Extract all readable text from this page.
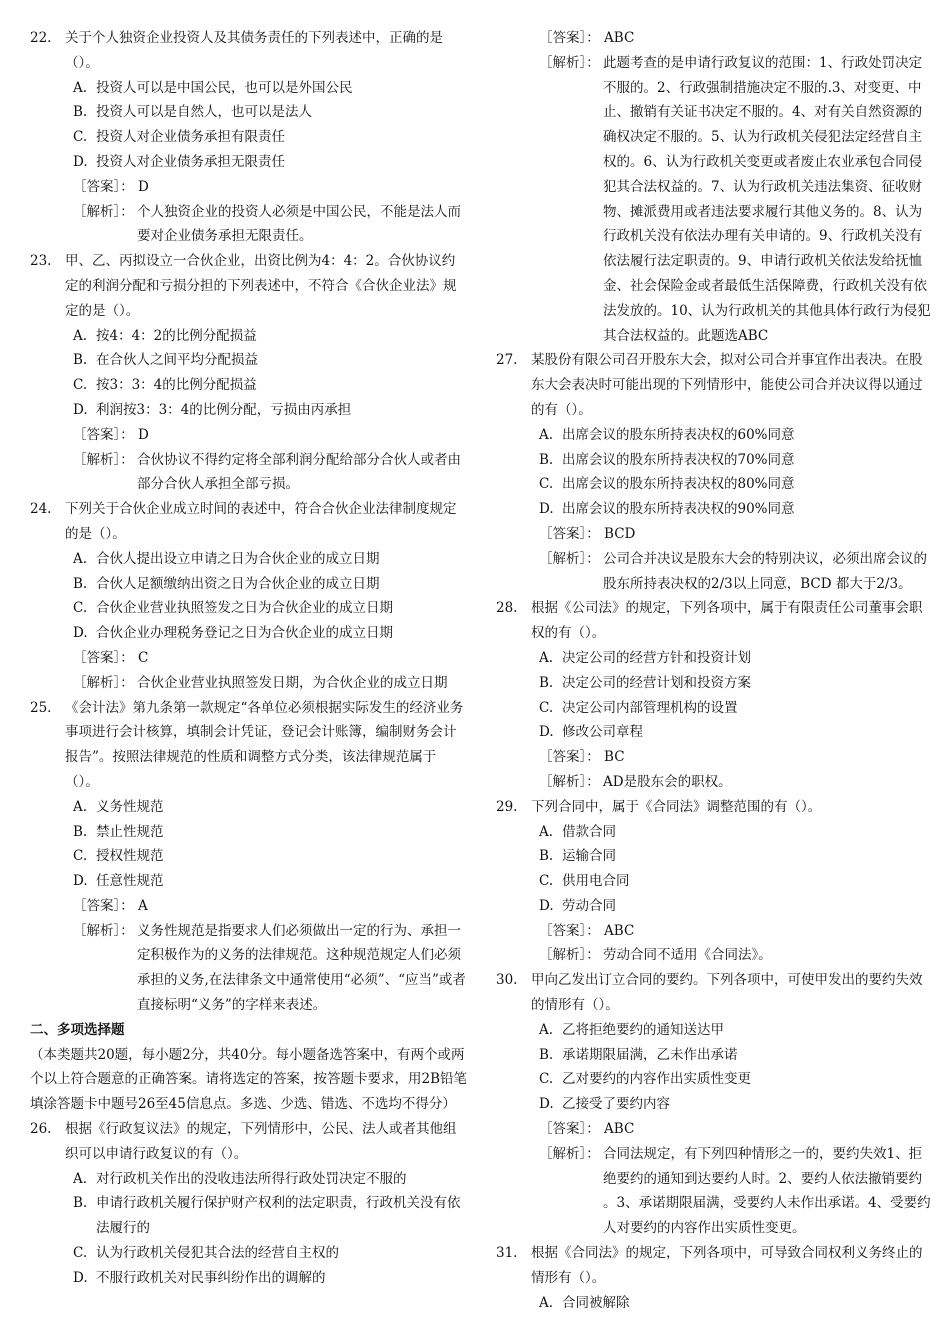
22.	关于个人独资企业投资人及其债务责任的下列表述中，正确的是（）。
A. 投资人可以是中国公民，也可以是外国公民
B. 投资人可以是自然人，也可以是法人
C. 投资人对企业债务承担有限责任
D. 投资人对企业债务承担无限责任
［答案］： D
［解析］： 个人独资企业的投资人必须是中国公民，不能是法人而要对企业债务承担无限责任。
23.	甲、乙、丙拟设立一合伙企业，出资比例为4：4：2。合伙协议约定的利润分配和亏损分担的下列表述中，不符合《合伙企业法》规定的是（）。
A. 按4：4：2的比例分配损益
B. 在合伙人之间平均分配损益
C. 按3：3：4的比例分配损益
D. 利润按3：3：4的比例分配，亏损由丙承担
［答案］： D
［解析］： 合伙协议不得约定将全部利润分配给部分合伙人或者由部分合伙人承担全部亏损。
24.	下列关于合伙企业成立时间的表述中，符合合伙企业法律制度规定的是（）。
A. 合伙人提出设立申请之日为合伙企业的成立日期
B. 合伙人足额缴纳出资之日为合伙企业的成立日期
C. 合伙企业营业执照签发之日为合伙企业的成立日期
D. 合伙企业办理税务登记之日为合伙企业的成立日期
［答案］： C
［解析］： 合伙企业营业执照签发日期，为合伙企业的成立日期
25.	《会计法》第九条第一款规定“各单位必须根据实际发生的经济业务事项进行会计核算，填制会计凭证，登记会计账簿，编制财务会计报告”。按照法律规范的性质和调整方式分类，该法律规范属于（）。
A. 义务性规范
B. 禁止性规范
C. 授权性规范
D. 任意性规范
［答案］： A
［解析］： 义务性规范是指要求人们必须做出一定的行为、承担一定积极作为的义务的法律规范。这种规范规定人们必须承担的义务,在法律条文中通常使用“必须”、“应当”或者直接标明“义务”的字样来表述。
二、多项选择题
（本类题共20题，每小题2分，共40分。每小题备选答案中，有两个或两个以上符合题意的正确答案。请将选定的答案，按答题卡要求，用2B铅笔填涂答题卡中题号26至45信息点。多选、少选、错选、不选均不得分）
26.	根据《行政复议法》的规定，下列情形中，公民、法人或者其他组织可以申请行政复议的有（）。
A. 对行政机关作出的没收违法所得行政处罚决定不服的
B. 申请行政机关履行保护财产权利的法定职责，行政机关没有依法履行的
C. 认为行政机关侵犯其合法的经营自主权的
D. 不服行政机关对民事纠纷作出的调解的
［答案］： ABC
［解析］： 此题考查的是申请行政复议的范围：1、行政处罚决定不服的。2、行政强制措施决定不服的.3、对变更、中止、撤销有关证书决定不服的。4、对有关自然资源的确权决定不服的。5、认为行政机关侵犯法定经营自主权的。6、认为行政机关变更或者废止农业承包合同侵犯其合法权益的。7、认为行政机关违法集资、征收财物、摊派费用或者违法要求履行其他义务的。8、认为行政机关没有依法办理有关申请的。9、行政机关没有依法履行法定职责的。9、申请行政机关依法发给抚恤金、社会保险金或者最低生活保障费，行政机关没有依法发放的。10、认为行政机关的其他具体行政行为侵犯其合法权益的。此题选ABC
27.	某股份有限公司召开股东大会，拟对公司合并事宜作出表决。在股东大会表决时可能出现的下列情形中，能使公司合并决议得以通过的有（）。
A. 出席会议的股东所持表决权的60%同意
B. 出席会议的股东所持表决权的70%同意
C. 出席会议的股东所持表决权的80%同意
D. 出席会议的股东所持表决权的90%同意
［答案］： BCD
［解析］： 公司合并决议是股东大会的特别决议，必须出席会议的股东所持表决权的2/3以上同意，BCD 都大于2/3。
28.	根据《公司法》的规定，下列各项中，属于有限责任公司董事会职权的有（）。
A. 决定公司的经营方针和投资计划
B. 决定公司的经营计划和投资方案
C. 决定公司内部管理机构的设置
D. 修改公司章程
［答案］： BC
［解析］： AD是股东会的职权。
29.	下列合同中，属于《合同法》调整范围的有（）。
A. 借款合同
B. 运输合同
C. 供用电合同
D. 劳动合同
［答案］： ABC
［解析］： 劳动合同不适用《合同法》。
30.	甲向乙发出订立合同的要约。下列各项中，可使甲发出的要约失效的情形有（）。
A. 乙将拒绝要约的通知送达甲
B. 承诺期限届满，乙未作出承诺
C. 乙对要约的内容作出实质性变更
D. 乙接受了要约内容
［答案］： ABC
［解析］： 合同法规定，有下列四种情形之一的，要约失效1、拒绝要约的通知到达要约人时。2、要约人依法撤销要约 。3、承诺期限届满，受要约人未作出承诺。4、受要约人对要约的内容作出实质性变更。
31.	根据《合同法》的规定，下列各项中，可导致合同权利义务终止的情形有（）。
A. 合同被解除
